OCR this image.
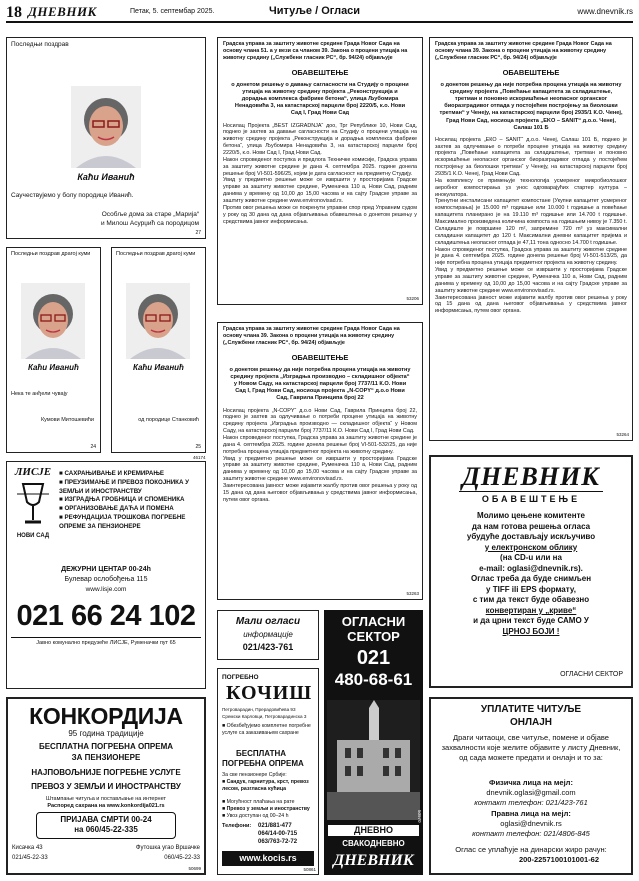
18 ДНЕВНИК	Петак, 5. септембар 2025.	Читуље / Огласи	www.dnevnik.rs
Последњи поздрав
Каћи Иванић
Саучествујемо у болу породице Иванић.
Особље дома за старе „Марија“
и Милош Асурџић са породицом
27
Последњи поздрав драгој куми
Каћи Иванић
Нека те анђели чувају
Кумови Митошевићи
24
Последњи поздрав драгој куми
Каћи Иванић
од породице Станковић
25
46174
ЛИСЈЕ
НОВИ САД
■ САХРАЊИВАЊЕ И КРЕМИРАЊЕ
■ ПРЕУЗИМАЊЕ И ПРЕВОЗ ПОКОЈНИКА У ЗЕМЉИ И ИНОСТРАНСТВУ
■ ИЗГРАДЊА ГРОБНИЦА И СПОМЕНИКА
■ ОРГАНИЗОВАЊЕ ДАЋА И ПОМЕНА
■ РЕФУНДАЦИЈА ТРОШКОВА ПОГРЕБНЕ ОПРЕМЕ ЗА ПЕНЗИОНЕРЕ
ДЕЖУРНИ ЦЕНТАР 00-24h
Булевар ослобођења 115
www.lisje.com
021 66 24 102
Јавно комунално предузеће ЛИСЈЕ, Руменачки пут 65
КОНКОРДИЈА
95 година традиције
БЕСПЛАТНА ПОГРЕБНА ОПРЕМА
ЗА ПЕНЗИОНЕРЕ
НАЈПОВОЉНИЈЕ ПОГРЕБНЕ УСЛУГЕ
ПРЕВОЗ У ЗЕМЉИ И ИНОСТРАНСТВУ
Штампање читуља и постављање на интернет
Распоред сахрана на www.konkordija021.rs
ПРИЈАВА СМРТИ 00-24
на 060/45-22-335
Кисачка 43
021/45-22-33
Футошка угао Вршачке
060/45-22-33
50699

Градска управа за заштиту животне средине Града Новог Сада на основу члана 51. а у вези са чланом 39. Закона о процени утицаја на животну средину („Службени гласник РС“, бр. 94/24) објављује

ОБАВЕШТЕЊЕ

о донетом решењу о давању сагласности на Студију о процени утицаја на животну средину пројекта „Реконструкција и дорадња комплекса фабрике бетона“, улица Љубомира Ненадовића 3, на катастарској парцели број 2220/5, к.о. Нови Сад I, Град Нови Сад

Носилац Пројекта „BEST IZGRADNJA“ доо, Трг Републике 10, Нови Сад, поднео је захтев за давање сагласности на Студију о процени утицаја на животну средину пројекта „Реконструкција и дорадња комплекса фабрике бетона“, улица Љубомира Ненадовића 3, на катастарској парцели број 2220/5, к.о. Нови Сад I, Град Нови Сад.

Након спроведеног поступка и предлога Техничке комисије, Градска управа за заштиту животне средине је дана 4. септембра 2025. године донела решење број VI-501-596/25, којим је дата сагласност на предметну Студију.

Увид у предметно решење може се извршити у просторијама Градске управе за заштиту животне средине, Руменачка 110 а, Нови Сад, радним данима у времену од 10,00 до 15,00 часова и на сајту Градске управе за заштиту животне средине www.environovisad.rs.

Против овог решења може се покренути управни спор пред Управним судом у року од 30 дана од дана објављивања обавештења о донетом решењу у средствима јавног информисања.

53206

Градска управа за заштиту животне средине Града Новог Сада на основу члана 39. Закона о процени утицаја на животну средину („Службени гласник РС“, бр. 94/24) објављује

ОБАВЕШТЕЊЕ

о донетом решењу да није потребна процена утицаја на животну средину пројекта „Изградња производно – складишног објекта“ у Новом Саду, на катастарској парцели број 7737/11 К.О. Нови Сад I, Град Нови Сад, носиоца пројекта „N-COPY“ д.о.о Нови Сад, Гаврила Принципа број 22

Носилац пројекта „N-COPY“ д.о.о Нови Сад, Гаврила Принципа број 22, поднео је захтев за одлучивање о потреби процене утицаја на животну средину пројекта „Изградња производно — складишног објекта“ у Новом Саду, на катастарској парцели број 7737/11 К.О. Нови Сад I, Град Нови Сад.

Након спроведеног поступка, Градска управа за заштиту животне средине је дана 4. септембра 2025. године донела решење број VI-501-532/25, да није потребна процена утицаја предметног пројекта на животну средину.

Увид у предметно решење може се извршити у просторијама Градске управе за заштиту животне средине, Руменачка 110 а, Нови Сад, радним данима у времену од 10,00 до 15,00 часова и на сајту Градске управе за заштиту животне средине www.environovisad.rs.

Заинтересована јавност може изјавити жалбу против овог решења у року од 15 дана од дана његовог објављивања у средствима јавног информисања, путем овог органа.

53263

Градска управа за заштиту животне средине Града Новог Сада на основу члана 39. Закона о процени утицаја на животну средину („Службени гласник РС“, бр. 94/24) објављује

ОБАВЕШТЕЊЕ

о донетом решењу да није потребна процена утицаја на животну средину пројекта „Повећање капацитета за складиштење, третман и поновно искоришћење неопасног органског биоразградивог отпада у постојећем постројењу за биолошки третман“ у Ченеју, на катастарској парцели број 2935/1 К.О. Ченеј, Град Нови Сад, носиоца пројекта „EKO – SANIT“ д.о.о. Ченеј, Салаш 101 Б

Носилац пројекта „ЕКО – SANIT“ д.о.о. Ченеј, Салаш 101 Б, поднео је захтев за одлучивање о потреби процене утицаја на животну средину пројекта „Повећање капацитета за складиштење, третман и поновно искоришћење неопасног органског биоразградивог отпада у постојећем постројењу за биолошки третман“ у Ченеју, на катастарској парцели број 2935/1 К.О. Ченеј, Град Нови Сад.

На комплексу се примењује технологија усмереног микробиолошког аеробног компостирања уз унос одговарајућих стартер култура – инокулатора.

Тренутни инсталисани капацитет компостане (Укупни капацитет усмереног компостирања) је 15.000 m³ годишње или 10.000 t годишње а повећање капацитета планирано је на 19.110 m³ годишње или 14.700 t годишње. Максимално произведена количина компоста на годишњем нивоу је 7.350 t. Складиште је површине 120 m², запремине 720 m³ уз максимални складишни капацитет до 120 t. Максимални дневни капацитет пријема и складиштења неопасног отпада је 47,11 тона односно 14.700 t годишње.

Након спроведеног поступка, Градска управа за заштиту животне средине је дана 4. септембра 2025. године донела решење број VI-501-513/25, да није потребна процена утицаја предметног пројекта на животну средину.

Увид у предметно решење може се извршити у просторијама Градске управе за заштиту животне средине, Руменачка 110 а, Нови Сад, радним данима у времену од 10,00 до 15,00 часова и на сајту Градске управе за заштиту животне средине www.environovisad.rs.

Заинтересована јавност може изјавити жалбу против овог решења у року од 15 дана од дана његовог објављивања у средствима јавног информисања, путем овог органа.

53264
ДНЕВНИК
ОБАВЕШТЕЊЕ
Молимо цењене комитенте
да нам готова решења огласа
убудуће достављају искључиво
у електронском облику
(на CD-u или на
e-mail: oglasi@dnevnik.rs).
Оглас треба да буде снимљен
у TIFF ili EPS формату,
с тим да текст буде обавезно
конвертиран у „криве“
и да црни текст буде САМО У
ЦРНОЈ БОЈИ !
ОГЛАСНИ СЕКТОР
Мали огласи
информације
021/423-761
ПОГРЕБНО
КОЧИШ
Петроварадин, Прерадовићева 93
Сремски Карловци, Петроварадинска 3
■ Обезбеђујемо комплетне погребне услуге са заказивањем сахране
БЕСПЛАТНА
ПОГРЕБНА ОПРЕМА
За све пензионере Србије:
■ Сандук, гарнитура, крст, превоз лесом, разгласна кућица
■ Могућност плаћања на рате
■ Превоз у земљи и иностранству
■ Увоз доступан од 00–24 h
Телефони: 021/881-477
064/14-00-715
063/763-72-72
www.kocis.rs
50861
ОГЛАСНИ
СЕКТОР
021
480-68-61
ДНЕВНО
СВАКОДНЕВНО
ДНЕВНИК
50970
УПЛАТИТЕ ЧИТУЉЕ
ОНЛАЈН
Драги читаоци, све читуље, помене и објаве захвалности које желите објавите у листу Дневник, од сада можете предати и онлајн и то за:
Физичка лица на мејл:
dnevnik.oglasi@gmail.com
контакт телефон: 021/423-761
Правна лица на мејл:
oglasi@dnevnik.rs
контакт телефон: 021/4806-845
Оглас се уплаћује на динарски жиро рачун:
200-2257100101001-62
